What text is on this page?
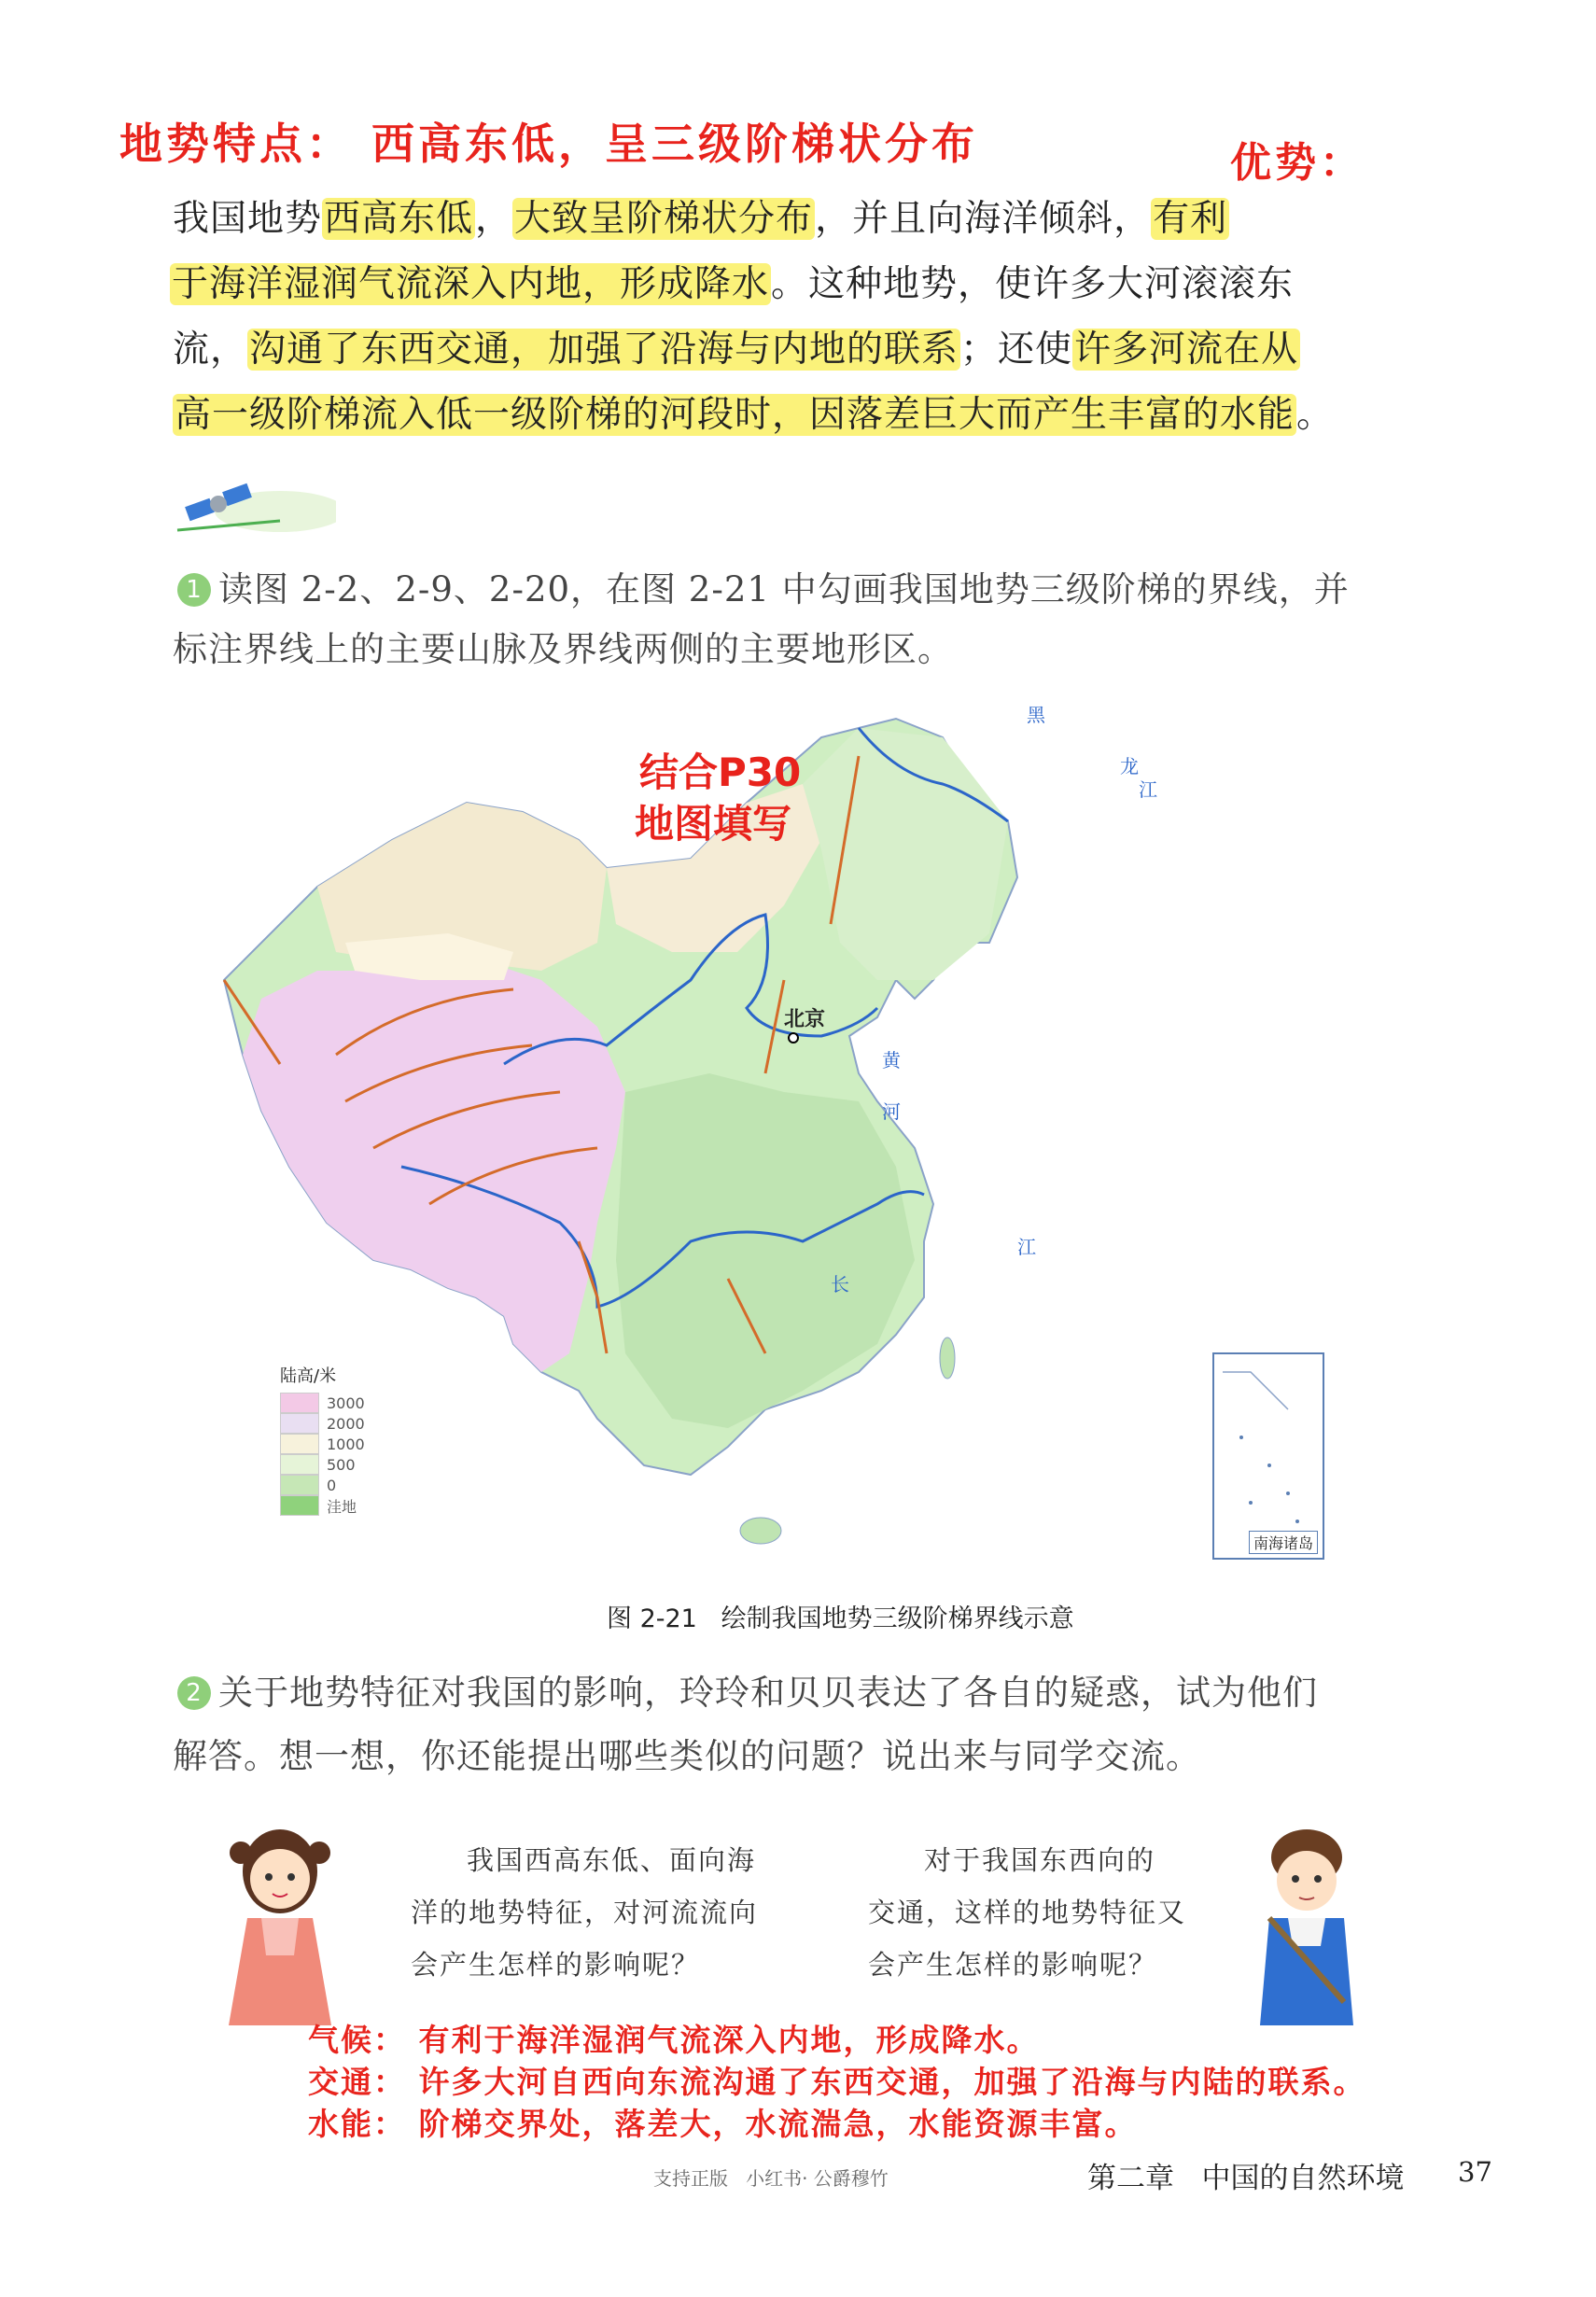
地势特点： 西高东低，呈三级阶梯状分布	优势：
我国地势西高东低，大致呈阶梯状分布，并且向海洋倾斜，有利
于海洋湿润气流深入内地，形成降水。这种地势，使许多大河滚滚东
流，沟通了东西交通，加强了沿海与内地的联系；还使许多河流在从
高一级阶梯流入低一级阶梯的河段时，因落差巨大而产生丰富的水能。
1 读图 2-2、2-9、2-20，在图 2-21 中勾画我国地势三级阶梯的界线，并
标注界线上的主要山脉及界线两侧的主要地形区。
北京
黑
龙
江
黄
河
长
江
南海诸岛
结合P30
地图填写
陆高/米
3000
2000
1000
500
0
洼地
图 2-21   绘制我国地势三级阶梯界线示意
2 关于地势特征对我国的影响，玲玲和贝贝表达了各自的疑惑，试为他们
解答。想一想，你还能提出哪些类似的问题？说出来与同学交流。
我国西高东低、面向海
洋的地势特征，对河流流向
会产生怎样的影响呢？
对于我国东西向的
交通，这样的地势特征又
会产生怎样的影响呢？
气候： 有利于海洋湿润气流深入内地，形成降水。
交通： 许多大河自西向东流沟通了东西交通，加强了沿海与内陆的联系。
水能： 阶梯交界处，落差大，水流湍急，水能资源丰富。
支持正版   小红书· 公爵穆竹	第二章   中国的自然环境 37
